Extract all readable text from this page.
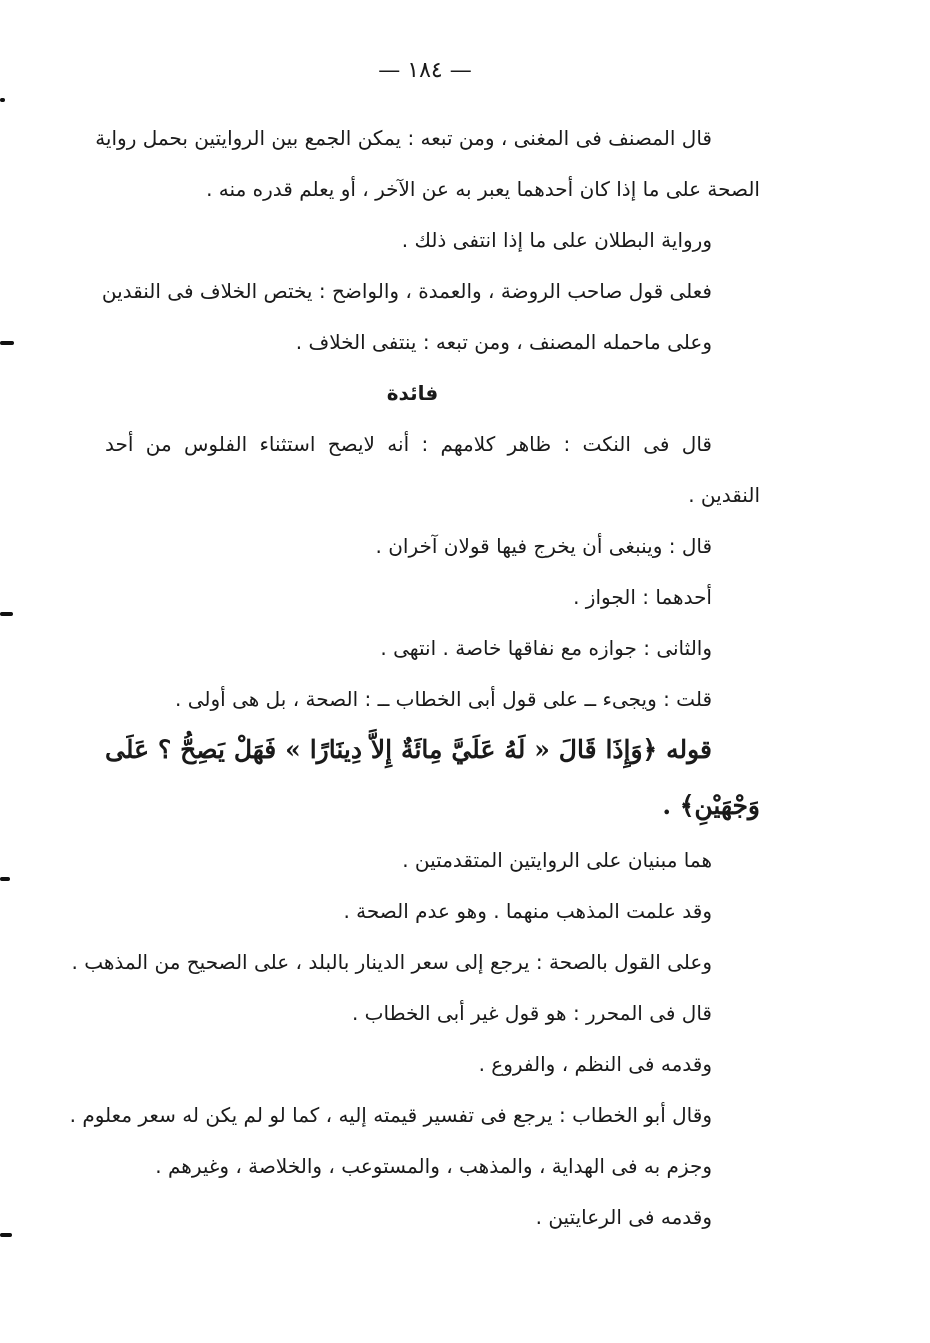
— ١٨٤ —

قال المصنف فى المغنى ، ومن تبعه : يمكن الجمع بين الروايتين بحمل رواية

الصحة على ما إذا كان أحدهما يعبر به عن الآخر ، أو يعلم قدره منه .

ورواية البطلان على ما إذا انتفى ذلك .

فعلى قول صاحب الروضة ، والعمدة ، والواضح : يختص الخلاف فى النقدين

وعلى ماحمله المصنف ، ومن تبعه : ينتفى الخلاف .

فائدة

قال فى النكت : ظاهر كلامهم : أنه لايصح استثناء الفلوس من أحد

النقدين .

قال : وينبغى أن يخرج فيها قولان آخران .

أحدهما : الجواز .

والثانى : جوازه مع نفاقها خاصة . انتهى .

قلت : ويجىء ــ على قول أبى الخطاب ــ : الصحة ، بل هى أولى .

قوله ﴿وَإِذَا قَالَ « لَهُ عَلَيَّ مِائَةٌ إِلاَّ دِينَارًا » فَهَلْ يَصِحُّ ؟ عَلَى

وَجْهَيْنِ﴾ .

هما مبنيان على الروايتين المتقدمتين .

وقد علمت المذهب منهما . وهو عدم الصحة .

وعلى القول بالصحة : يرجع إلى سعر الدينار بالبلد ، على الصحيح من المذهب .

قال فى المحرر : هو قول غير أبى الخطاب .

وقدمه فى النظم ، والفروع .

وقال أبو الخطاب : يرجع فى تفسير قيمته إليه ، كما لو لم يكن له سعر معلوم .

وجزم به فى الهداية ، والمذهب ، والمستوعب ، والخلاصة ، وغيرهم .

وقدمه فى الرعايتين .
